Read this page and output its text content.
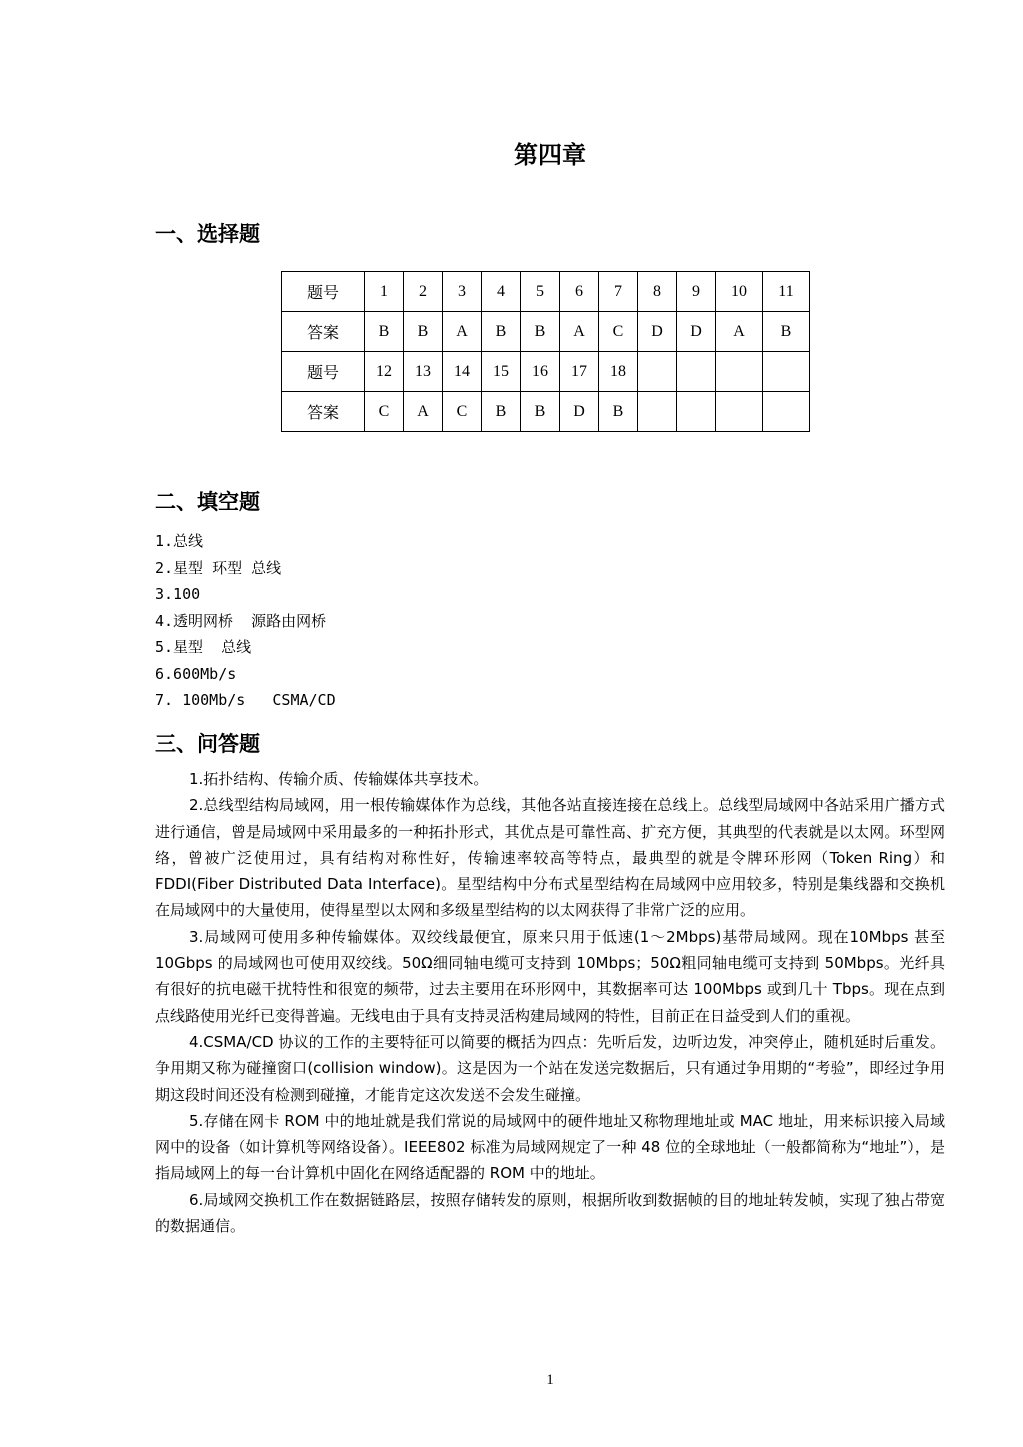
第四章
一、选择题
题号	1	2	3	4	5	6	7	8	9	10	11
答案	B	B	A	B	B	A	C	D	D	A	B
题号	12	13	14	15	16	17	18				
答案	C	A	C	B	B	D	B				
二、填空题
1.总线
2.星型 环型 总线
3.100
4.透明网桥  源路由网桥
5.星型  总线
6.600Mb/s
7. 100Mb/s   CSMA/CD
三、问答题

1.拓扑结构、传输介质、传输媒体共享技术。

2.总线型结构局域网，用一根传输媒体作为总线，其他各站直接连接在总线上。总线型局域网中各站采用广播方式进行通信，曾是局域网中采用最多的一种拓扑形式，其优点是可靠性高、扩充方便，其典型的代表就是以太网。环型网络，曾被广泛使用过，具有结构对称性好，传输速率较高等特点，最典型的就是令牌环形网（Token Ring）和 FDDI(Fiber Distributed Data Interface)。星型结构中分布式星型结构在局域网中应用较多，特别是集线器和交换机在局域网中的大量使用，使得星型以太网和多级星型结构的以太网获得了非常广泛的应用。

3.局域网可使用多种传输媒体。双绞线最便宜，原来只用于低速(1～2Mbps)基带局域网。现在10Mbps 甚至 10Gbps 的局域网也可使用双绞线。50Ω细同轴电缆可支持到 10Mbps；50Ω粗同轴电缆可支持到 50Mbps。光纤具有很好的抗电磁干扰特性和很宽的频带，过去主要用在环形网中，其数据率可达 100Mbps 或到几十 Tbps。现在点到点线路使用光纤已变得普遍。无线电由于具有支持灵活构建局域网的特性，目前正在日益受到人们的重视。

4.CSMA/CD 协议的工作的主要特征可以简要的概括为四点：先听后发，边听边发，冲突停止，随机延时后重发。争用期又称为碰撞窗口(collision window)。这是因为一个站在发送完数据后，只有通过争用期的“考验”，即经过争用期这段时间还没有检测到碰撞，才能肯定这次发送不会发生碰撞。

5.存储在网卡 ROM 中的地址就是我们常说的局域网中的硬件地址又称物理地址或 MAC 地址，用来标识接入局域网中的设备（如计算机等网络设备）。IEEE802 标准为局域网规定了一种 48 位的全球地址（一般都简称为“地址”），是指局域网上的每一台计算机中固化在网络适配器的 ROM 中的地址。

6.局域网交换机工作在数据链路层，按照存储转发的原则，根据所收到数据帧的目的地址转发帧，实现了独占带宽的数据通信。

1
